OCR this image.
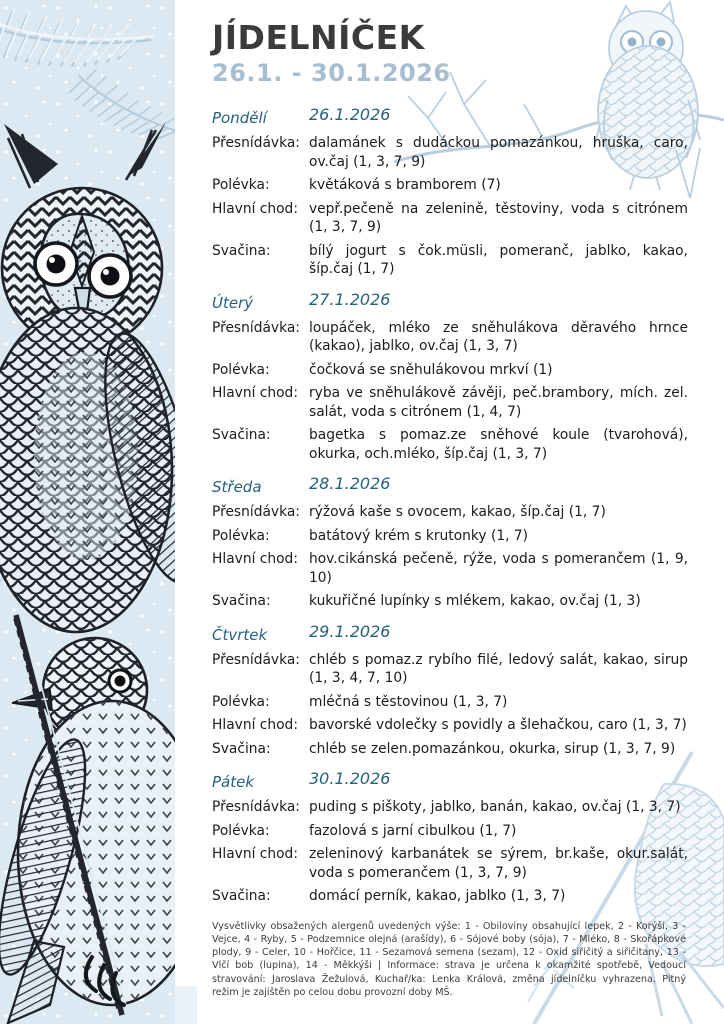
JÍDELNÍČEK
26.1. - 30.1.2026
Pondělí	26.1.2026
Přesnídávka: dalamánek s dudáckou pomazánkou, hruška, caro, ov.čaj (1, 3, 7, 9)
Polévka:	květáková s bramborem (7)
Hlavní chod: vepř.pečeně na zelenině, těstoviny, voda s citrónem (1, 3, 7, 9)
Svačina:	bílý jogurt s čok.müsli, pomeranč, jablko, kakao, šíp.čaj (1, 7)
Úterý	27.1.2026
Přesnídávka: loupáček, mléko ze sněhulákova děravého hrnce (kakao), jablko, ov.čaj (1, 3, 7)
Polévka:	čočková se sněhulákovou mrkví (1)
Hlavní chod: ryba ve sněhulákově závěji, peč.brambory, mích. zel. salát, voda s citrónem (1, 4, 7)
Svačina:	bagetka s pomaz.ze sněhové koule (tvarohová), okurka, och.mléko, šíp.čaj (1, 3, 7)
Středa	28.1.2026
Přesnídávka: rýžová kaše s ovocem, kakao, šíp.čaj (1, 7)
Polévka:	batátový krém s krutonky (1, 7)
Hlavní chod: hov.cikánská pečeně, rýže, voda s pomerančem (1, 9, 10)
Svačina:	kukuřičné lupínky s mlékem, kakao, ov.čaj (1, 3)
Čtvrtek	29.1.2026
Přesnídávka: chléb s pomaz.z rybího filé, ledový salát, kakao, sirup (1, 3, 4, 7, 10)
Polévka:	mléčná s těstovinou (1, 3, 7)
Hlavní chod: bavorské vdolečky s povidly a šlehačkou, caro (1, 3, 7)
Svačina:	chléb se zelen.pomazánkou, okurka, sirup (1, 3, 7, 9)
Pátek	30.1.2026
Přesnídávka: puding s piškoty, jablko, banán, kakao, ov.čaj (1, 3, 7)
Polévka:	fazolová s jarní cibulkou (1, 7)
Hlavní chod: zeleninový karbanátek se sýrem, br.kaše, okur.salát, voda s pomerančem (1, 3, 7, 9)
Svačina:	domácí perník, kakao, jablko (1, 3, 7)

Vysvětlivky obsažených alergenů uvedených výše: 1 - Obiloviny obsahující lepek, 2 - Korýši, 3 - Vejce, 4 - Ryby, 5 - Podzemnice olejná (arašídy), 6 - Sójové boby (sója), 7 - Mléko, 8 - Skořápkové plody, 9 - Celer, 10 - Hořčice, 11 - Sezamová semena (sezam), 12 - Oxid siřičitý a siřičitany, 13 - Vlčí bob (lupina), 14 - Měkkýši | Informace: strava je určena k okamžité spotřebě, Vedoucí stravování: Jaroslava Žežulová, Kuchař/ka: Lenka Králová, změna jídelníčku vyhrazena. Pitný režim je zajištěn po celou dobu provozní doby MŠ.
